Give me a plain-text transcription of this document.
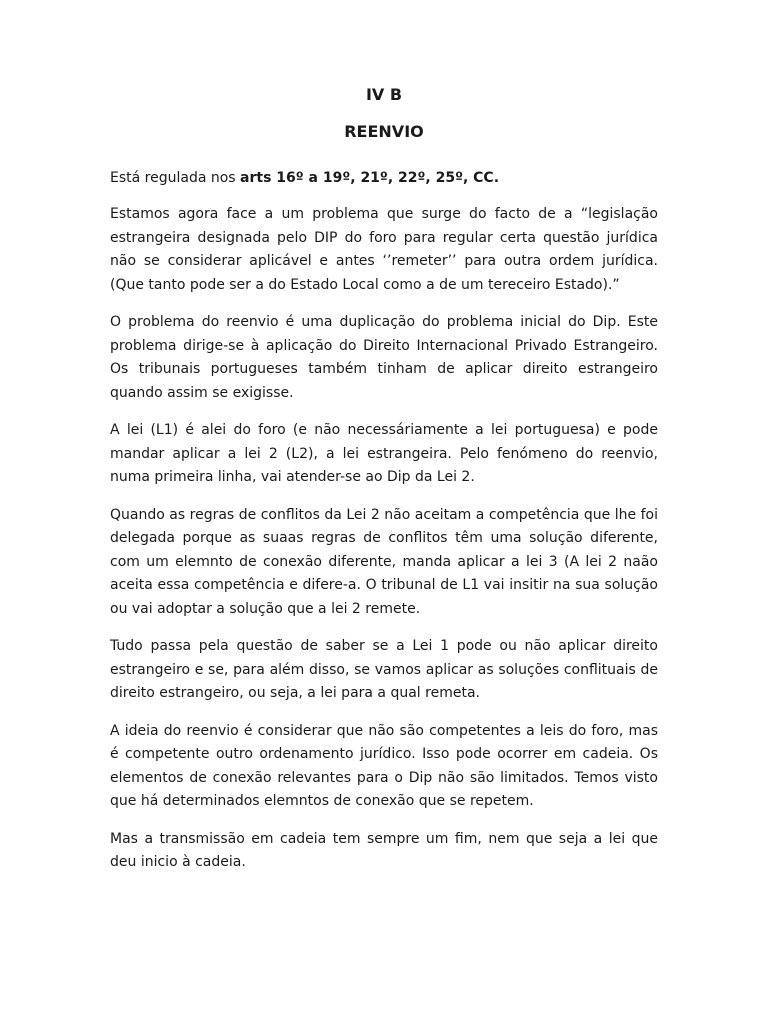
IV B
REENVIO

Está regulada nos arts 16º a 19º, 21º, 22º, 25º, CC.

Estamos agora face a um problema que surge do facto de a “legislação estrangeira designada pelo DIP do foro para regular certa questão jurídica não se considerar aplicável e antes ‘’remeter’’ para outra ordem jurídica. (Que tanto pode ser a do Estado Local como a de um tereceiro Estado).”

O problema do reenvio é uma duplicação do problema inicial do Dip. Este problema dirige-se à aplicação do Direito Internacional Privado Estrangeiro. Os tribunais portugueses também tinham de aplicar direito estrangeiro quando assim se exigisse.

A lei (L1) é alei do foro (e não necessáriamente a lei portuguesa) e pode mandar aplicar a lei 2 (L2), a lei estrangeira. Pelo fenómeno do reenvio, numa primeira linha, vai atender-se ao Dip da Lei 2.

Quando as regras de conflitos da Lei 2 não aceitam a competência que lhe foi delegada porque as suaas regras de conflitos têm uma solução diferente, com um elemnto de conexão diferente, manda aplicar a lei 3 (A lei 2 naão aceita essa competência e difere-a. O tribunal de L1 vai insitir na sua solução ou vai adoptar a solução que a lei 2 remete.

Tudo passa pela questão de saber se a Lei 1 pode ou não aplicar direito estrangeiro e se, para além disso, se vamos aplicar as soluções conflituais de direito estrangeiro, ou seja, a lei para a qual remeta.

A ideia do reenvio é considerar que não são competentes a leis do foro, mas é competente outro ordenamento jurídico. Isso pode ocorrer em cadeia. Os elementos de conexão relevantes para o Dip não são limitados. Temos visto que há determinados elemntos de conexão que se repetem.

Mas a transmissão em cadeia tem sempre um fim, nem que seja a lei que deu inicio à cadeia.
